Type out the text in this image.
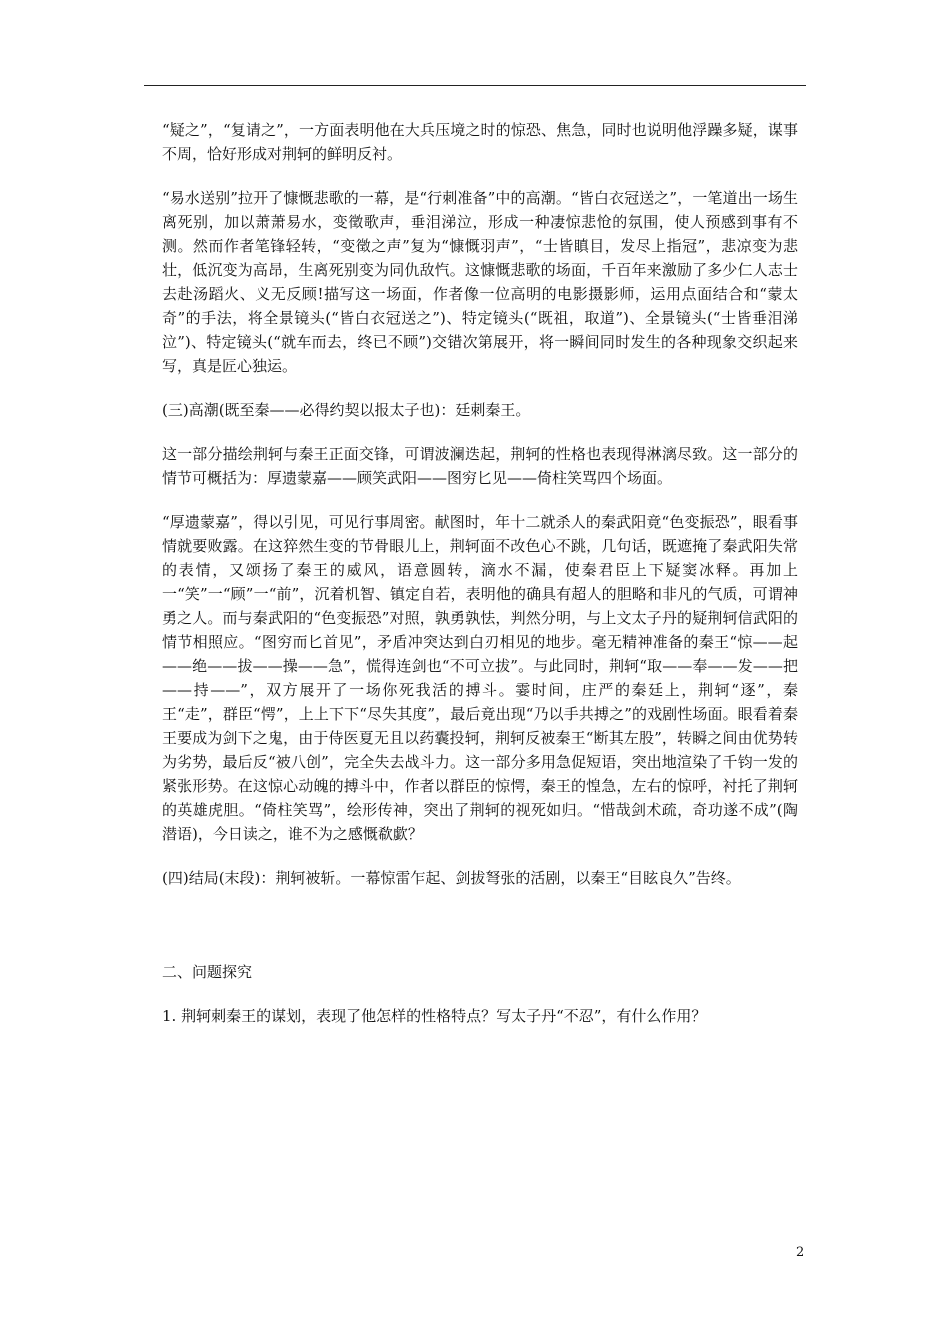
“疑之”，“复请之”，一方面表明他在大兵压境之时的惊恐、焦急，同时也说明他浮躁多疑，谋事不周，恰好形成对荆轲的鲜明反衬。

“易水送别”拉开了慷慨悲歌的一幕，是“行刺准备”中的高潮。“皆白衣冠送之”，一笔道出一场生离死别，加以萧萧易水，变徵歌声，垂泪涕泣，形成一种凄惊悲怆的氛围，使人预感到事有不测。然而作者笔锋轻转，“变徵之声”复为“慷慨羽声”，“士皆瞋目，发尽上指冠”，悲凉变为悲壮，低沉变为高昂，生离死别变为同仇敌忾。这慷慨悲歌的场面，千百年来激励了多少仁人志士去赴汤蹈火、义无反顾!描写这一场面，作者像一位高明的电影摄影师，运用点面结合和“蒙太奇”的手法，将全景镜头(“皆白衣冠送之”)、特定镜头(“既祖，取道”)、全景镜头(“士皆垂泪涕泣”)、特定镜头(“就车而去，终已不顾”)交错次第展开，将一瞬间同时发生的各种现象交织起来写，真是匠心独运。

(三)高潮(既至秦——必得约契以报太子也)：廷刺秦王。

这一部分描绘荆轲与秦王正面交锋，可谓波澜迭起，荆轲的性格也表现得淋漓尽致。这一部分的情节可概括为：厚遗蒙嘉——顾笑武阳——图穷匕见——倚柱笑骂四个场面。

“厚遗蒙嘉”，得以引见，可见行事周密。献图时，年十二就杀人的秦武阳竟“色变振恐”，眼看事情就要败露。在这猝然生变的节骨眼儿上，荆轲面不改色心不跳，几句话，既遮掩了秦武阳失常的表情，又颂扬了秦王的威风，语意圆转，滴水不漏，使秦君臣上下疑窦冰释。再加上一“笑”一“顾”一“前”，沉着机智、镇定自若，表明他的确具有超人的胆略和非凡的气质，可谓神勇之人。而与秦武阳的“色变振恐”对照，孰勇孰怯，判然分明，与上文太子丹的疑荆轲信武阳的情节相照应。“图穷而匕首见”，矛盾冲突达到白刃相见的地步。毫无精神准备的秦王“惊——起——绝——拔——操——急”，慌得连剑也“不可立拔”。与此同时，荆轲“取——奉——发——把——持——”，双方展开了一场你死我活的搏斗。霎时间，庄严的秦廷上，荆轲“逐”，秦王“走”，群臣“愕”，上上下下“尽失其度”，最后竟出现“乃以手共搏之”的戏剧性场面。眼看着秦王要成为剑下之鬼，由于侍医夏无且以药囊投轲，荆轲反被秦王“断其左股”，转瞬之间由优势转为劣势，最后反“被八创”，完全失去战斗力。这一部分多用急促短语，突出地渲染了千钧一发的紧张形势。在这惊心动魄的搏斗中，作者以群臣的惊愕，秦王的惶急，左右的惊呼，衬托了荆轲的英雄虎胆。“倚柱笑骂”，绘形传神，突出了荆轲的视死如归。“惜哉剑术疏，奇功遂不成”(陶潜语)，今日读之，谁不为之感慨欷歔？

(四)结局(末段)：荆轲被斩。一幕惊雷乍起、剑拔弩张的活剧，以秦王“目眩良久”告终。

二、问题探究

1. 荆轲刺秦王的谋划，表现了他怎样的性格特点？写太子丹“不忍”，有什么作用？

2
